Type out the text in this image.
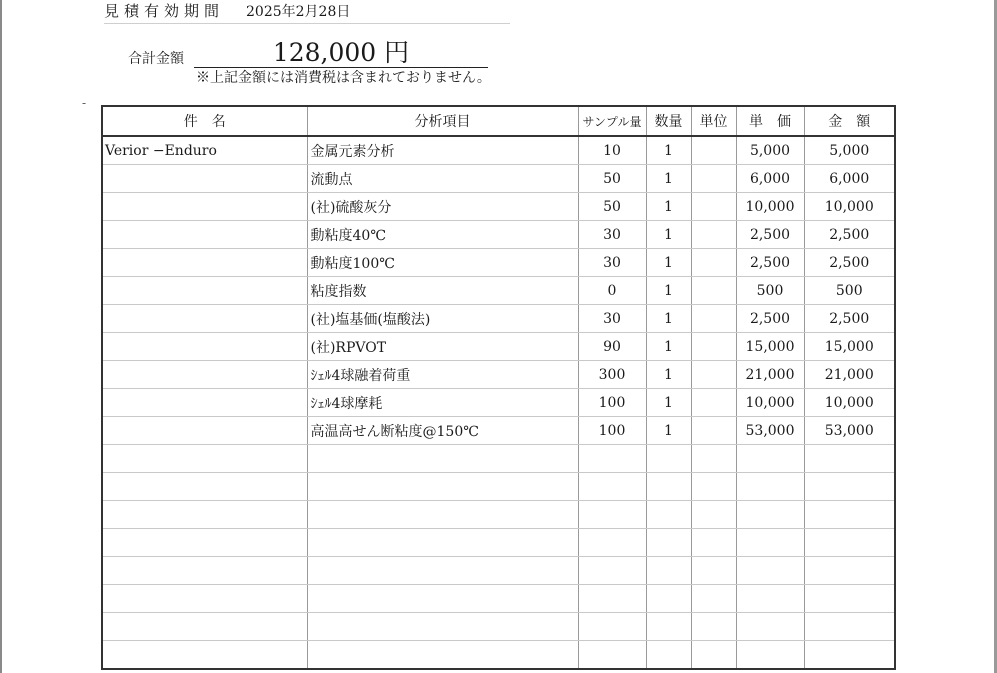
見積有効期間 2025年2月28日
合計金額	128,000 円
※上記金額には消費税は含まれておりません。
-
件　名	分析項目	サンプル量	数量	単位	単　価	金　額
Verior −Enduro	金属元素分析	10	1		5,000	5,000
	流動点	50	1		6,000	6,000
	(社)硫酸灰分	50	1		10,000	10,000
	動粘度40℃	30	1		2,500	2,500
	動粘度100℃	30	1		2,500	2,500
	粘度指数	0	1		500	500
	(社)塩基価(塩酸法)	30	1		2,500	2,500
	(社)RPVOT	90	1		15,000	15,000
	ｼｪﾙ4球融着荷重	300	1		21,000	21,000
	ｼｪﾙ4球摩耗	100	1		10,000	10,000
	高温高せん断粘度@150℃	100	1		53,000	53,000
